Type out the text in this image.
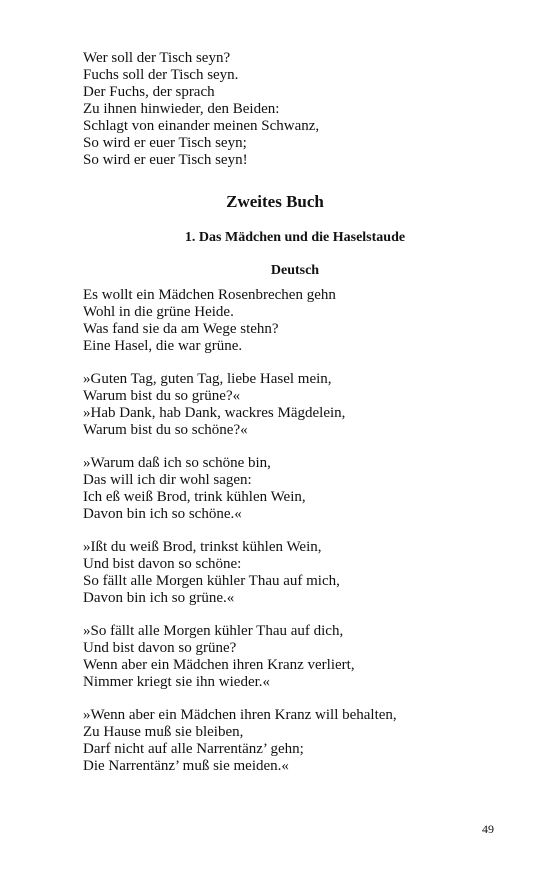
Wer soll der Tisch seyn?
Fuchs soll der Tisch seyn.
Der Fuchs, der sprach
Zu ihnen hinwieder, den Beiden:
Schlagt von einander meinen Schwanz,
So wird er euer Tisch seyn;
So wird er euer Tisch seyn!
Zweites Buch
1. Das Mädchen und die Haselstaude
Deutsch
Es wollt ein Mädchen Rosenbrechen gehn
Wohl in die grüne Heide.
Was fand sie da am Wege stehn?
Eine Hasel, die war grüne.
»Guten Tag, guten Tag, liebe Hasel mein,
Warum bist du so grüne?«
»Hab Dank, hab Dank, wackres Mägdelein,
Warum bist du so schöne?«
»Warum daß ich so schöne bin,
Das will ich dir wohl sagen:
Ich eß weiß Brod, trink kühlen Wein,
Davon bin ich so schöne.«
»Ißt du weiß Brod, trinkst kühlen Wein,
Und bist davon so schöne:
So fällt alle Morgen kühler Thau auf mich,
Davon bin ich so grüne.«
»So fällt alle Morgen kühler Thau auf dich,
Und bist davon so grüne?
Wenn aber ein Mädchen ihren Kranz verliert,
Nimmer kriegt sie ihn wieder.«
»Wenn aber ein Mädchen ihren Kranz will behalten,
Zu Hause muß sie bleiben,
Darf nicht auf alle Narrentänz’ gehn;
Die Narrentänz’ muß sie meiden.«
49
